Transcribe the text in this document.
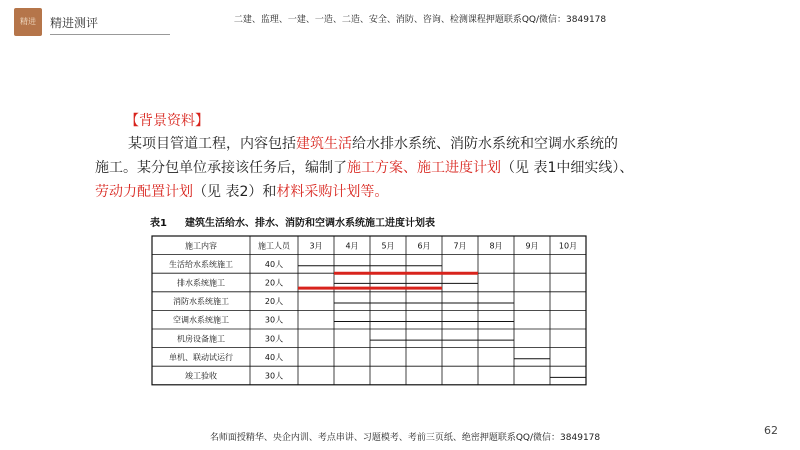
精进	精进测评	二建、监理、一建、一造、二造、安全、消防、咨询、检测课程押题联系QQ/微信：3849178
【背景资料】

某项目管道工程，内容包括建筑生活给水排水系统、消防水系统和空调水系统的

施工。某分包单位承接该任务后，编制了施工方案、施工进度计划（见 表1中细实线）、

劳动力配置计划（见 表2）和材料采购计划等。

表1 建筑生活给水、排水、消防和空调水系统施工进度计划表
施工内容	施工人员 3月	4月	5月	6月	7月	8月	9月	10月
生活给水系统施工	40人
排水系统施工	20人
消防水系统施工	20人
空调水系统施工	30人
机房设备施工	30人
单机、联动试运行	40人
竣工验收	30人
名师面授精华、央企内训、考点串讲、习题模考、考前三页纸、绝密押题联系QQ/微信：3849178
62
